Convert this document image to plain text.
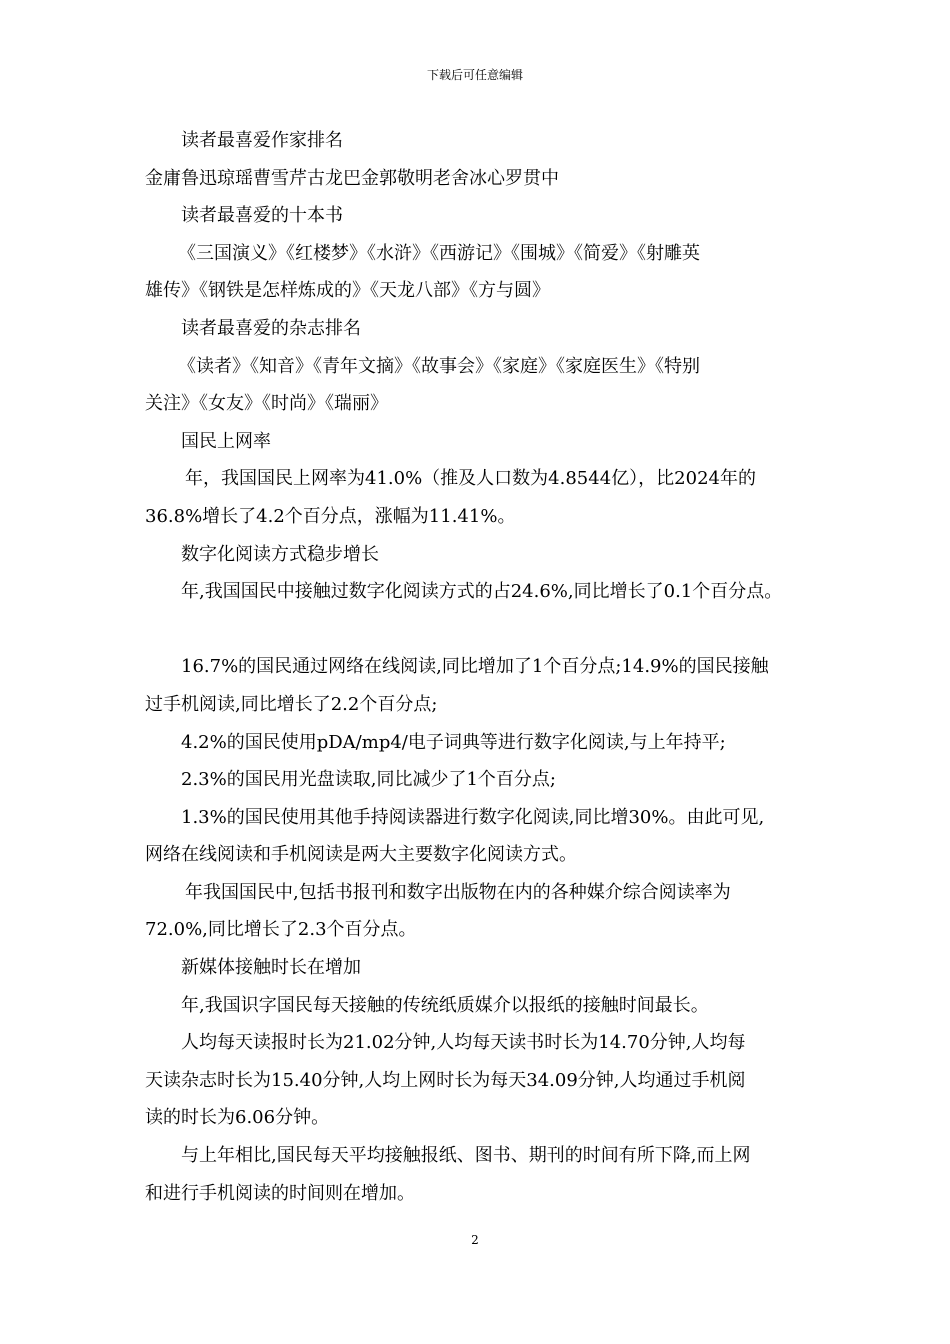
下载后可任意编辑
读者最喜爱作家排名
金庸鲁迅琼瑶曹雪芹古龙巴金郭敬明老舍冰心罗贯中
读者最喜爱的十本书
《三国演义》《红楼梦》《水浒》《西游记》《围城》《简爱》《射雕英
雄传》《钢铁是怎样炼成的》《天龙八部》《方与圆》
读者最喜爱的杂志排名
《读者》《知音》《青年文摘》《故事会》《家庭》《家庭医生》《特别
关注》《女友》《时尚》《瑞丽》
国民上网率
年，我国国民上网率为41.0%（推及人口数为4.8544亿），比2024年的
36.8%增长了4.2个百分点，涨幅为11.41%。
数字化阅读方式稳步增长
年,我国国民中接触过数字化阅读方式的占24.6%,同比增长了0.1个百分点。
16.7%的国民通过网络在线阅读,同比增加了1个百分点;14.9%的国民接触
过手机阅读,同比增长了2.2个百分点;
4.2%的国民使用pDA/mp4/电子词典等进行数字化阅读,与上年持平;
2.3%的国民用光盘读取,同比减少了1个百分点;
1.3%的国民使用其他手持阅读器进行数字化阅读,同比增30%。由此可见,
网络在线阅读和手机阅读是两大主要数字化阅读方式。
年我国国民中,包括书报刊和数字出版物在内的各种媒介综合阅读率为
72.0%,同比增长了2.3个百分点。
新媒体接触时长在增加
年,我国识字国民每天接触的传统纸质媒介以报纸的接触时间最长。
人均每天读报时长为21.02分钟,人均每天读书时长为14.70分钟,人均每
天读杂志时长为15.40分钟,人均上网时长为每天34.09分钟,人均通过手机阅
读的时长为6.06分钟。
与上年相比,国民每天平均接触报纸、图书、期刊的时间有所下降,而上网
和进行手机阅读的时间则在增加。
2
